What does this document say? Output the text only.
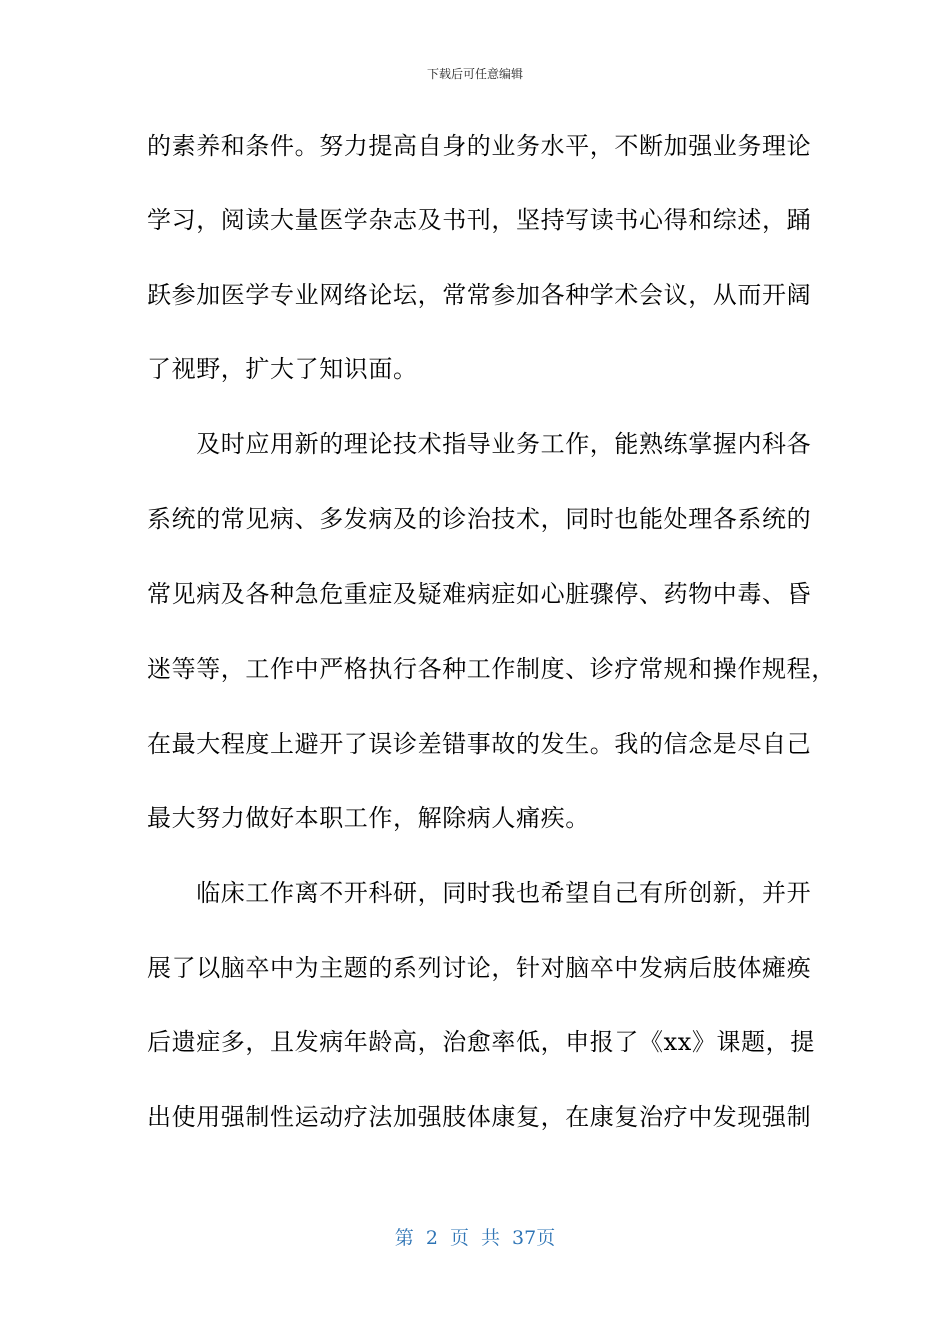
下载后可任意编辑
的素养和条件。努力提高自身的业务水平，不断加强业务理论
学习，阅读大量医学杂志及书刊，坚持写读书心得和综述，踊
跃参加医学专业网络论坛，常常参加各种学术会议，从而开阔
了视野，扩大了知识面。
　　及时应用新的理论技术指导业务工作，能熟练掌握内科各
系统的常见病、多发病及的诊治技术，同时也能处理各系统的
常见病及各种急危重症及疑难病症如心脏骤停、药物中毒、昏
迷等等，工作中严格执行各种工作制度、诊疗常规和操作规程，
在最大程度上避开了误诊差错事故的发生。我的信念是尽自己
最大努力做好本职工作，解除病人痛疾。
　　临床工作离不开科研，同时我也希望自己有所创新，并开
展了以脑卒中为主题的系列讨论，针对脑卒中发病后肢体瘫痪
后遗症多，且发病年龄高，治愈率低，申报了《xx》课题，提
出使用强制性运动疗法加强肢体康复，在康复治疗中发现强制
第 2 页 共 37页
